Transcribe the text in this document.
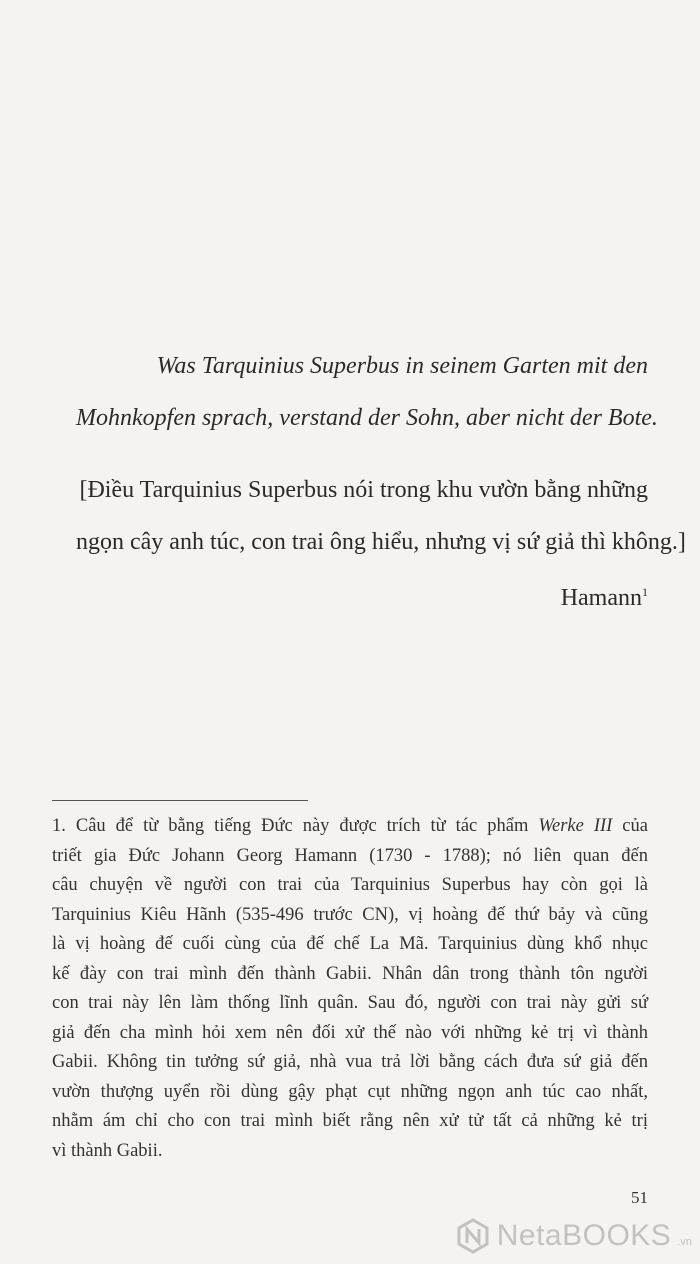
Was Tarquinius Superbus in seinem Garten mit den
Mohnkopfen sprach, verstand der Sohn, aber nicht der Bote.
[Điều Tarquinius Superbus nói trong khu vườn bằng những
ngọn cây anh túc, con trai ông hiểu, nhưng vị sứ giả thì không.]
Hamann$^1$
1. Câu để từ bằng tiếng Đức này được trích từ tác phẩm Werke III của
triết gia Đức Johann Georg Hamann (1730 - 1788); nó liên quan đến
câu chuyện về người con trai của Tarquinius Superbus hay còn gọi là
Tarquinius Kiêu Hãnh (535-496 trước CN), vị hoàng đế thứ bảy và cũng
là vị hoàng đế cuối cùng của đế chế La Mã. Tarquinius dùng khổ nhục
kế đày con trai mình đến thành Gabii. Nhân dân trong thành tôn người
con trai này lên làm thống lĩnh quân. Sau đó, người con trai này gửi sứ
giả đến cha mình hỏi xem nên đối xử thế nào với những kẻ trị vì thành
Gabii. Không tin tưởng sứ giả, nhà vua trả lời bằng cách đưa sứ giả đến
vườn thượng uyển rồi dùng gậy phạt cụt những ngọn anh túc cao nhất,
nhằm ám chỉ cho con trai mình biết rằng nên xử tử tất cả những kẻ trị
vì thành Gabii.
51
NetaBOOKS .vn
